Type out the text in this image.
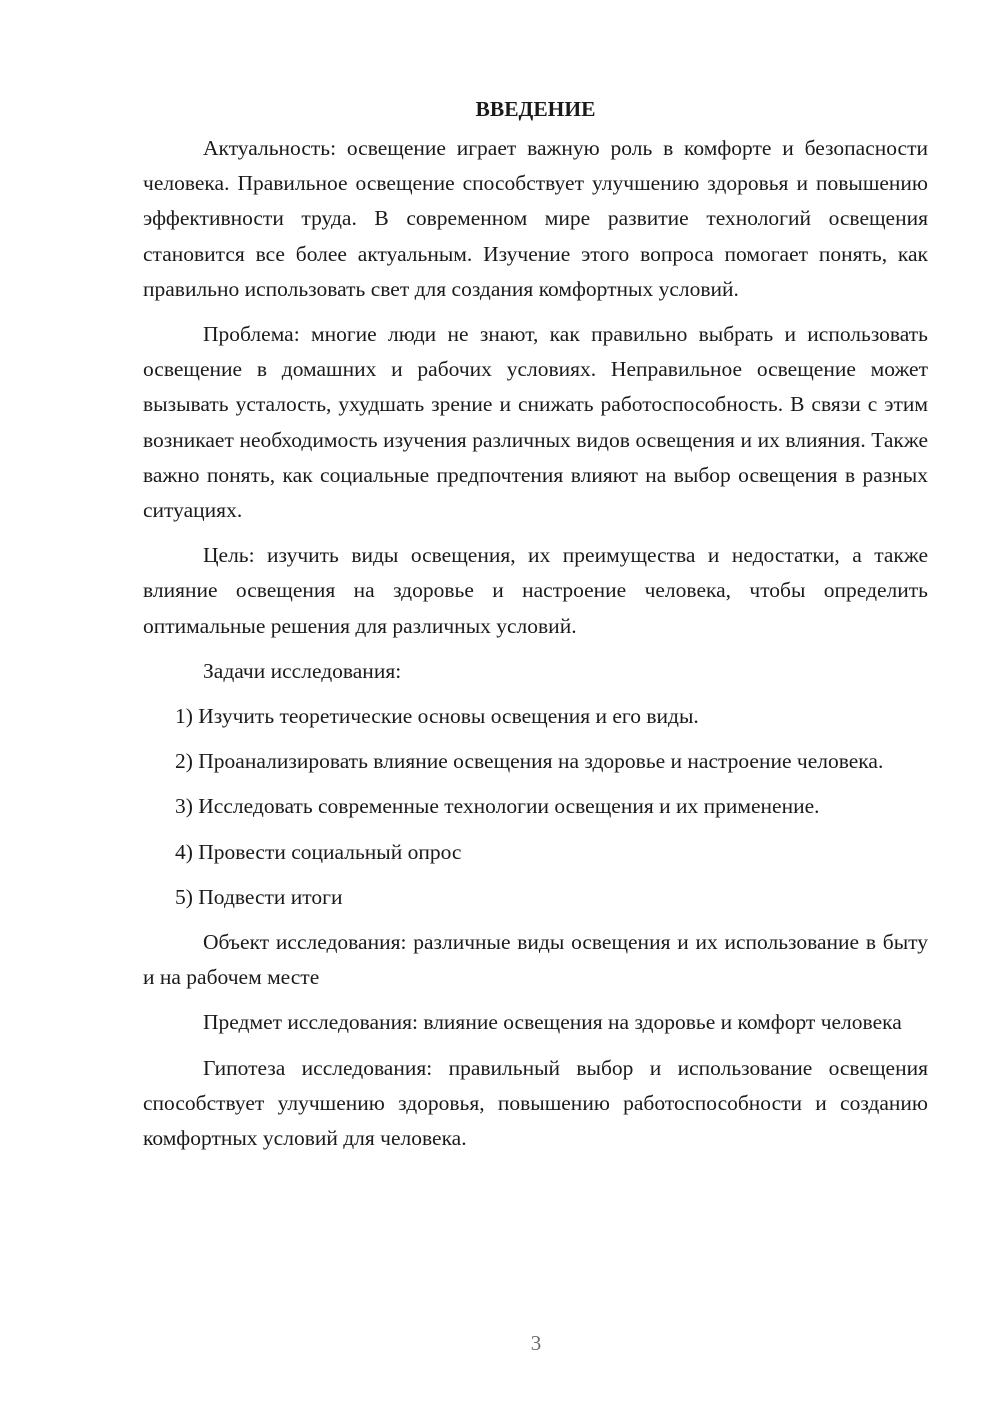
ВВЕДЕНИЕ

Актуальность: освещение играет важную роль в комфорте и безопасности человека. Правильное освещение способствует улучшению здоровья и повышению эффективности труда. В современном мире развитие технологий освещения становится все более актуальным. Изучение этого вопроса помогает понять, как правильно использовать свет для создания комфортных условий.

Проблема: многие люди не знают, как правильно выбрать и использовать освещение в домашних и рабочих условиях. Неправильное освещение может вызывать усталость, ухудшать зрение и снижать работоспособность. В связи с этим возникает необходимость изучения различных видов освещения и их влияния. Также важно понять, как социальные предпочтения влияют на выбор освещения в разных ситуациях.

Цель: изучить виды освещения, их преимущества и недостатки, а также влияние освещения на здоровье и настроение человека, чтобы определить оптимальные решения для различных условий.

Задачи исследования:

1) Изучить теоретические основы освещения и его виды.

2) Проанализировать влияние освещения на здоровье и настроение человека.

3) Исследовать современные технологии освещения и их применение.

4) Провести социальный опрос

5) Подвести итоги

Объект исследования: различные виды освещения и их использование в быту и на рабочем месте

Предмет исследования: влияние освещения на здоровье и комфорт человека

Гипотеза исследования: правильный выбор и использование освещения способствует улучшению здоровья, повышению работоспособности и созданию комфортных условий для человека.

3
